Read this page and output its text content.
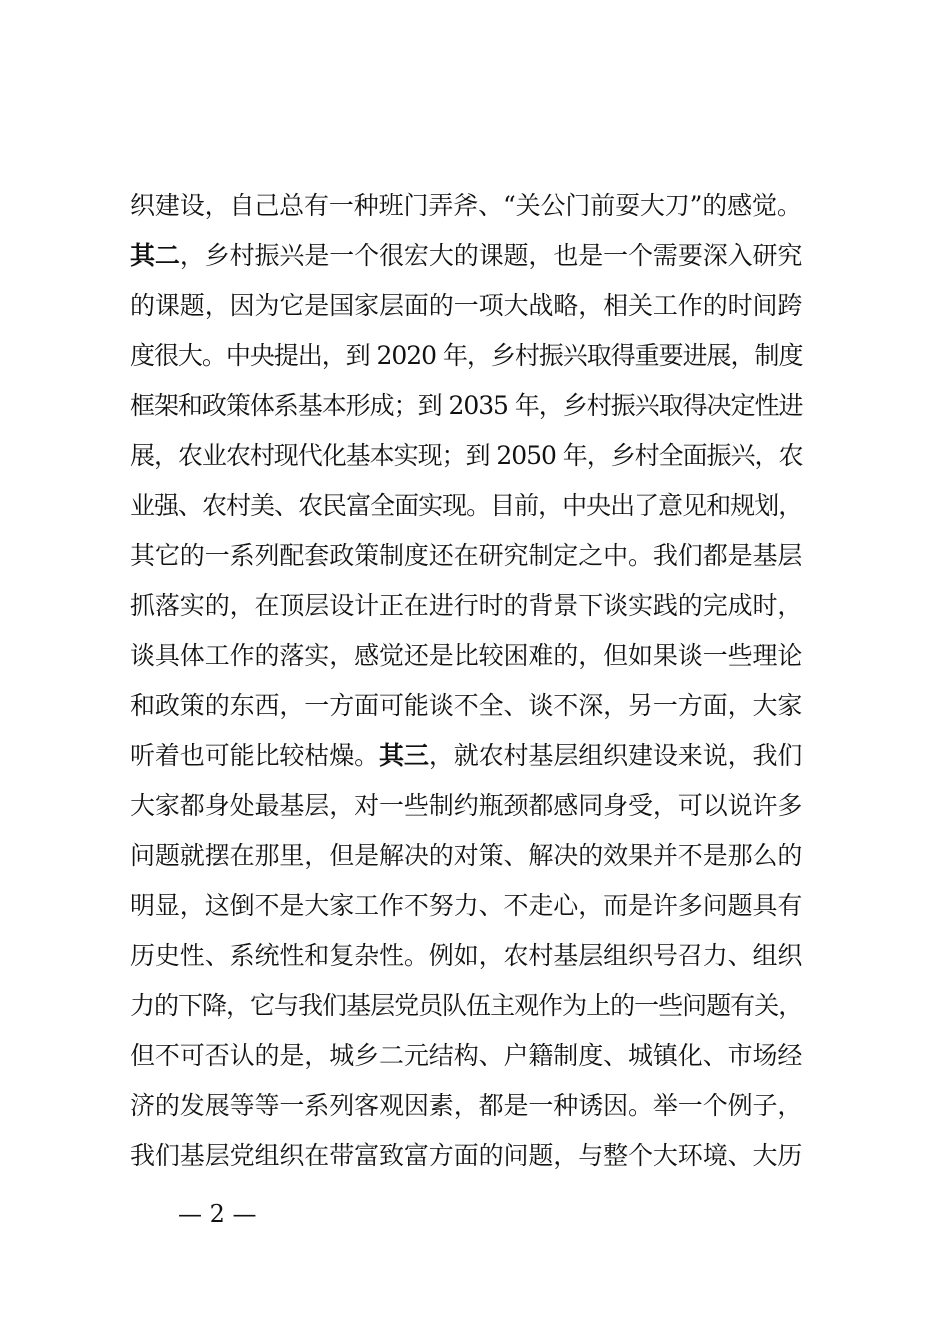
织建设，自己总有一种班门弄斧、“关公门前耍大刀”的感觉。
其二，乡村振兴是一个很宏大的课题，也是一个需要深入研究
的课题，因为它是国家层面的一项大战略，相关工作的时间跨
度很大。中央提出，到 2020 年，乡村振兴取得重要进展，制度
框架和政策体系基本形成；到 2035 年，乡村振兴取得决定性进
展，农业农村现代化基本实现；到 2050 年，乡村全面振兴，农
业强、农村美、农民富全面实现。目前，中央出了意见和规划，
其它的一系列配套政策制度还在研究制定之中。我们都是基层
抓落实的，在顶层设计正在进行时的背景下谈实践的完成时，
谈具体工作的落实，感觉还是比较困难的，但如果谈一些理论
和政策的东西，一方面可能谈不全、谈不深，另一方面，大家
听着也可能比较枯燥。其三，就农村基层组织建设来说，我们
大家都身处最基层，对一些制约瓶颈都感同身受，可以说许多
问题就摆在那里，但是解决的对策、解决的效果并不是那么的
明显，这倒不是大家工作不努力、不走心，而是许多问题具有
历史性、系统性和复杂性。例如，农村基层组织号召力、组织
力的下降，它与我们基层党员队伍主观作为上的一些问题有关，
但不可否认的是，城乡二元结构、户籍制度、城镇化、市场经
济的发展等等一系列客观因素，都是一种诱因。举一个例子，
我们基层党组织在带富致富方面的问题，与整个大环境、大历
— 2 —
